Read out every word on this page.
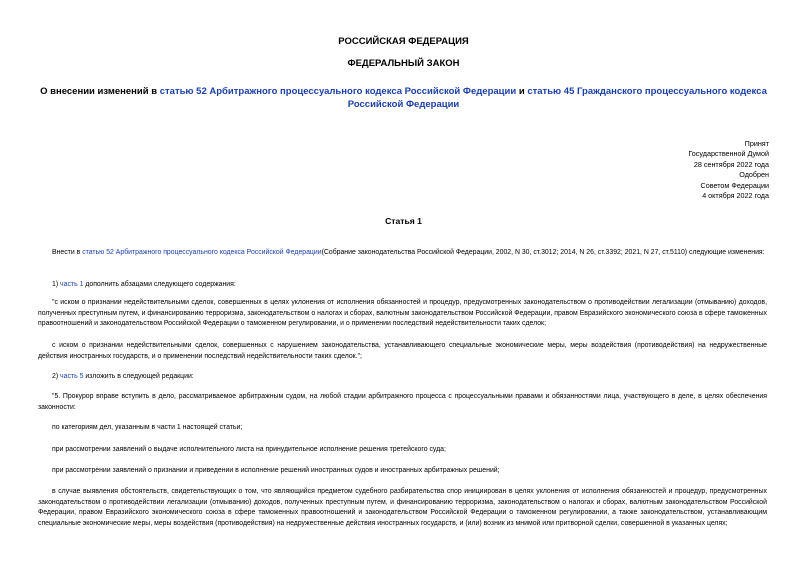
РОССИЙСКАЯ ФЕДЕРАЦИЯ
ФЕДЕРАЛЬНЫЙ ЗАКОН
О внесении изменений в статью 52 Арбитражного процессуального кодекса Российской Федерации и статью 45 Гражданского процессуального кодекса Российской Федерации
Принят
Государственной Думой
28 сентября 2022 года
Одобрен
Советом Федерации
4 октября 2022 года
Статья 1
Внести в статью 52 Арбитражного процессуального кодекса Российской Федерации(Собрание законодательства Российской Федерации, 2002, N 30, ст.3012; 2014, N 26, ст.3392; 2021, N 27, ст.5110) следующие изменения:
1) часть 1 дополнить абзацами следующего содержания:
"с иском о признании недействительными сделок, совершенных в целях уклонения от исполнения обязанностей и процедур, предусмотренных законодательством о противодействии легализации (отмыванию) доходов, полученных преступным путем, и финансированию терроризма, законодательством о налогах и сборах, валютным законодательством Российской Федерации, правом Евразийского экономического союза в сфере таможенных правоотношений и законодательством Российской Федерации о таможенном регулировании, и о применении последствий недействительности таких сделок;
с иском о признании недействительными сделок, совершенных с нарушением законодательства, устанавливающего специальные экономические меры, меры воздействия (противодействия) на недружественные действия иностранных государств, и о применении последствий недействительности таких сделок.";
2) часть 5 изложить в следующей редакции:
"5. Прокурор вправе вступить в дело, рассматриваемое арбитражным судом, на любой стадии арбитражного процесса с процессуальными правами и обязанностями лица, участвующего в деле, в целях обеспечения законности:
по категориям дел, указанным в части 1 настоящей статьи;
при рассмотрении заявлений о выдаче исполнительного листа на принудительное исполнение решения третейского суда;
при рассмотрении заявлений о признании и приведении в исполнение решений иностранных судов и иностранных арбитражных решений;
в случае выявления обстоятельств, свидетельствующих о том, что являющийся предметом судебного разбирательства спор инициирован в целях уклонения от исполнения обязанностей и процедур, предусмотренных законодательством о противодействии легализации (отмыванию) доходов, полученных преступным путем, и финансированию терроризма, законодательством о налогах и сборах, валютным законодательством Российской Федерации, правом Евразийского экономического союза в сфере таможенных правоотношений и законодательством Российской Федерации о таможенном регулировании, а также законодательством, устанавливающим специальные экономические меры, меры воздействия (противодействия) на недружественные действия иностранных государств, и (или) возник из мнимой или притворной сделки, совершенной в указанных целях;
